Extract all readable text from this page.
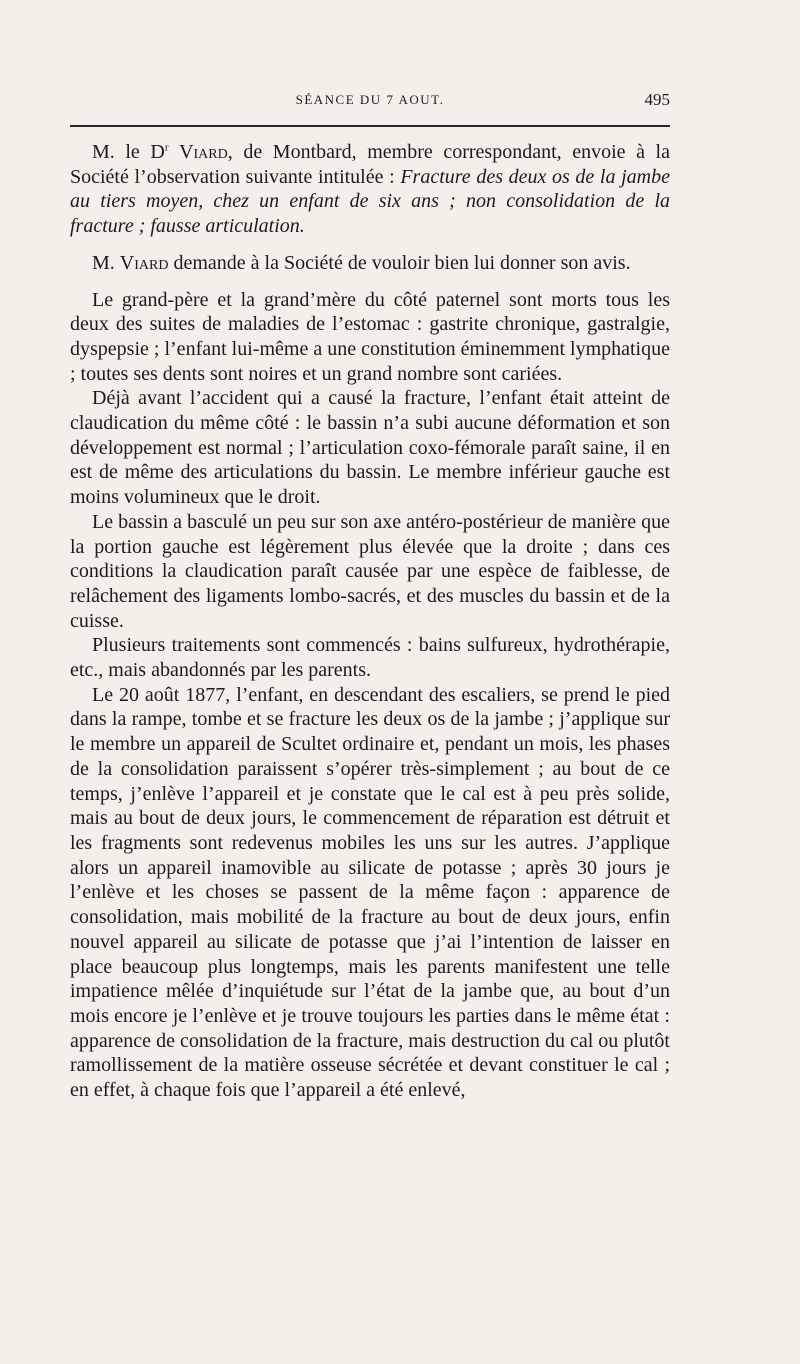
SÉANCE DU 7 AOUT.	495

M. le $D^r$ Viard, de Montbard, membre correspondant, envoie à la Société l’observation suivante intitulée : Fracture des deux os de la jambe au tiers moyen, chez un enfant de six ans ; non consolidation de la fracture ; fausse articulation.

M. Viard demande à la Société de vouloir bien lui donner son avis.

Le grand-père et la grand’mère du côté paternel sont morts tous les deux des suites de maladies de l’estomac : gastrite chronique, gastralgie, dyspepsie ; l’enfant lui-même a une constitution éminemment lymphatique ; toutes ses dents sont noires et un grand nombre sont cariées.

Déjà avant l’accident qui a causé la fracture, l’enfant était atteint de claudication du même côté : le bassin n’a subi aucune déformation et son développement est normal ; l’articulation coxo-fémorale paraît saine, il en est de même des articulations du bassin. Le membre inférieur gauche est moins volumineux que le droit.

Le bassin a basculé un peu sur son axe antéro-postérieur de manière que la portion gauche est légèrement plus élevée que la droite ; dans ces conditions la claudication paraît causée par une espèce de faiblesse, de relâchement des ligaments lombo-sacrés, et des muscles du bassin et de la cuisse.

Plusieurs traitements sont commencés : bains sulfureux, hydrothérapie, etc., mais abandonnés par les parents.

Le 20 août 1877, l’enfant, en descendant des escaliers, se prend le pied dans la rampe, tombe et se fracture les deux os de la jambe ; j’applique sur le membre un appareil de Scultet ordinaire et, pendant un mois, les phases de la consolidation paraissent s’opérer très-simplement ; au bout de ce temps, j’enlève l’appareil et je constate que le cal est à peu près solide, mais au bout de deux jours, le commencement de réparation est détruit et les fragments sont redevenus mobiles les uns sur les autres. J’applique alors un appareil inamovible au silicate de potasse ; après 30 jours je l’enlève et les choses se passent de la même façon : apparence de consolidation, mais mobilité de la fracture au bout de deux jours, enfin nouvel appareil au silicate de potasse que j’ai l’intention de laisser en place beaucoup plus longtemps, mais les parents manifestent une telle impatience mêlée d’inquiétude sur l’état de la jambe que, au bout d’un mois encore je l’enlève et je trouve toujours les parties dans le même état : apparence de consolidation de la fracture, mais destruction du cal ou plutôt ramollissement de la matière osseuse sécrétée et devant constituer le cal ; en effet, à chaque fois que l’appareil a été enlevé,
